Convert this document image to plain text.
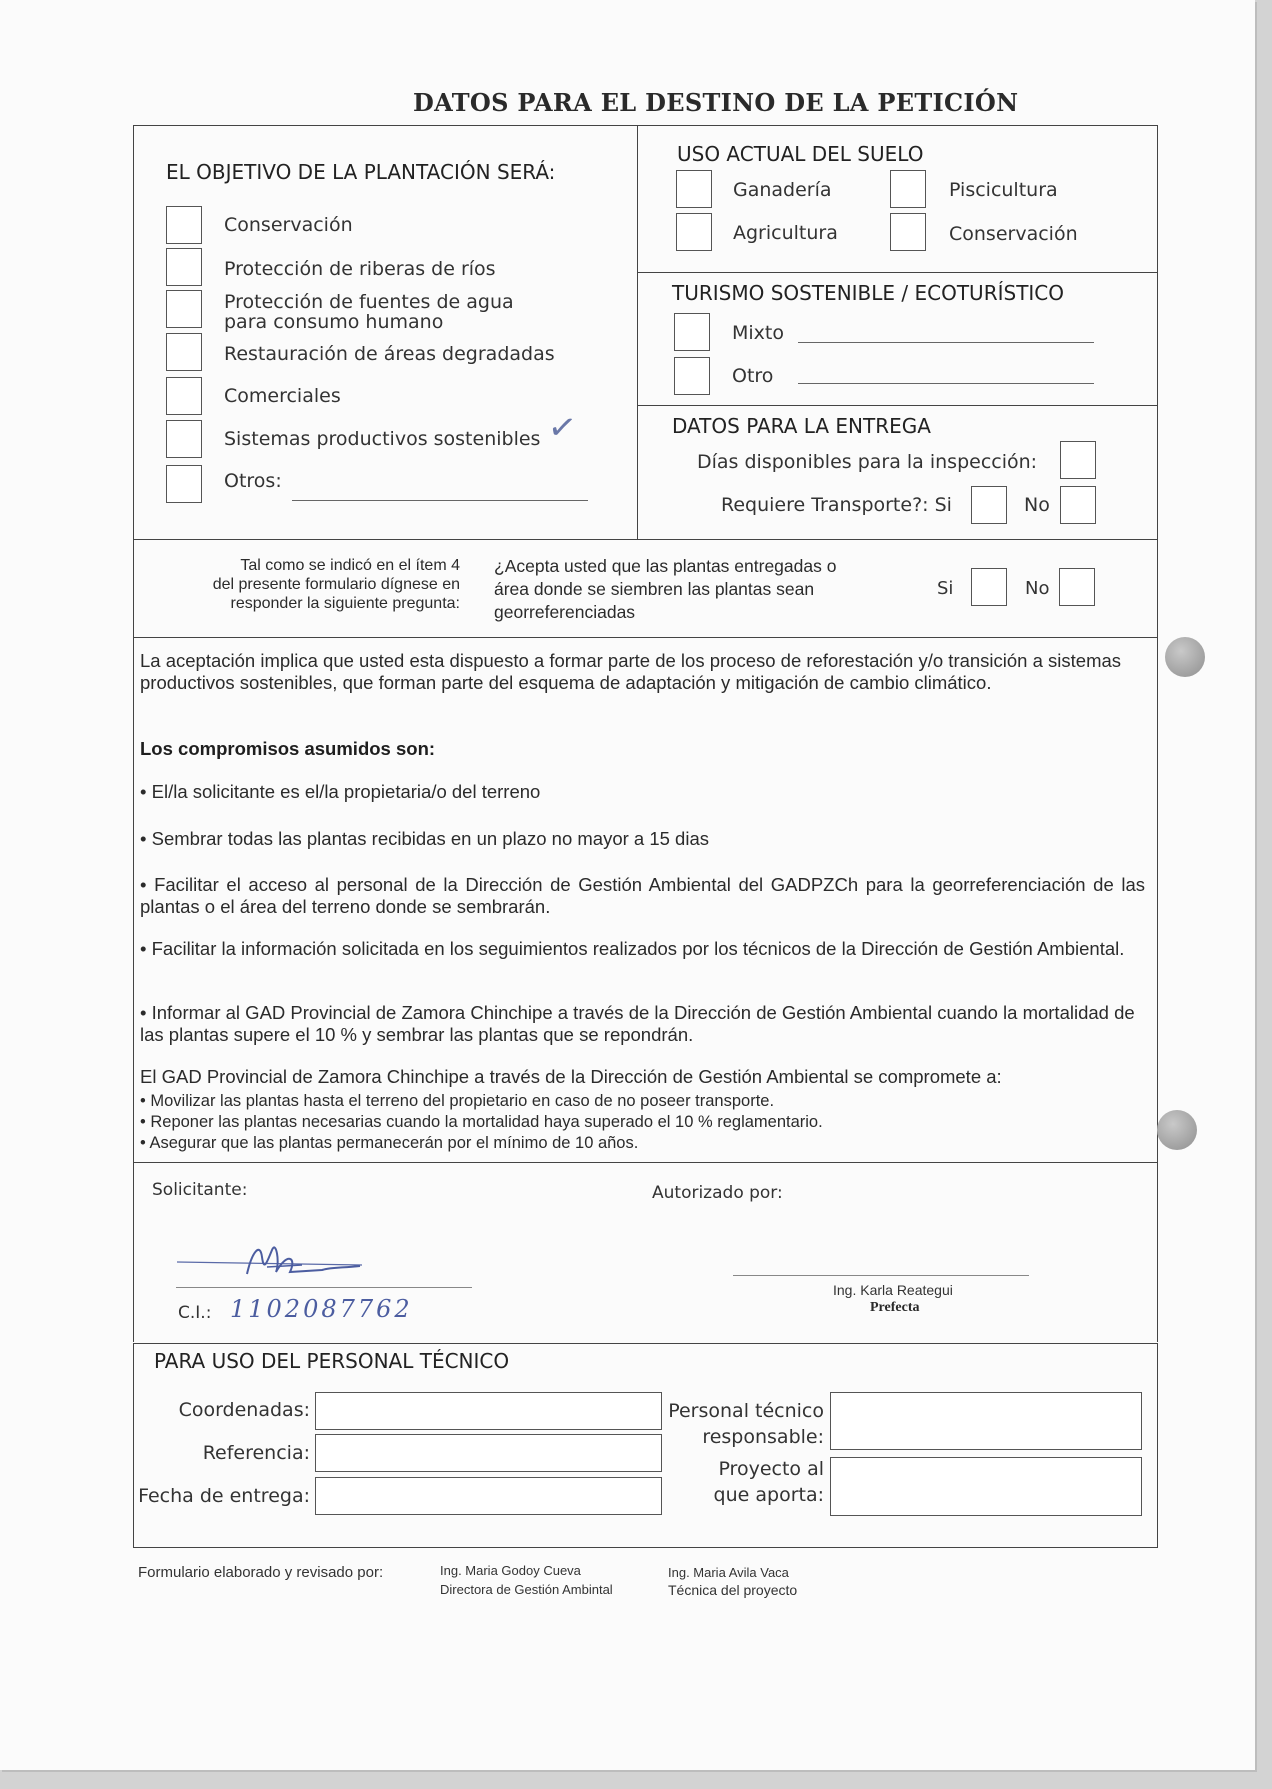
DATOS PARA EL DESTINO DE LA PETICIÓN
EL OBJETIVO DE LA PLANTACIÓN SERÁ:
Conservación
Protección de riberas de ríos
Protección de fuentes de agua
para consumo humano
Restauración de áreas degradadas
Comerciales
Sistemas productivos sostenibles ✓
Otros:
USO ACTUAL DEL SUELO
Ganadería	Piscicultura
Agricultura	Conservación
TURISMO SOSTENIBLE / ECOTURÍSTICO
Mixto
Otro
DATOS PARA LA ENTREGA
Días disponibles para la inspección:
Requiere Transporte?: Si	No
Tal como se indicó en el ítem 4
del presente formulario dígnese en
responder la siguiente pregunta:
¿Acepta usted que las plantas entregadas o
área donde se siembren las plantas sean
georreferenciadas
Si	No
La aceptación implica que usted esta dispuesto a formar parte de los proceso de reforestación y/o transición a sistemas productivos sostenibles, que forman parte del esquema de adaptación y mitigación de cambio climático.
Los compromisos asumidos son:
• El/la solicitante es el/la propietaria/o del terreno
• Sembrar todas las plantas recibidas en un plazo no mayor a 15 dias
• Facilitar el acceso al personal de la Dirección de Gestión Ambiental del GADPZCh para la georreferenciación de las plantas o el área del terreno donde se sembrarán.
• Facilitar la información solicitada en los seguimientos realizados por los técnicos de la Dirección de Gestión Ambiental.
• Informar al GAD Provincial de Zamora Chinchipe a través de la Dirección de Gestión Ambiental cuando la mortalidad de las plantas supere el 10 % y sembrar las plantas que se repondrán.
El GAD Provincial de Zamora Chinchipe a través de la Dirección de Gestión Ambiental se compromete a:
• Movilizar las plantas hasta el terreno del propietario en caso de no poseer transporte.
• Reponer las plantas necesarias cuando la mortalidad haya superado el 10 % reglamentario.
• Asegurar que las plantas permanecerán por el mínimo de 10 años.
Solicitante:	Autorizado por:
C.I.: 1102087762
Ing. Karla Reategui
Prefecta
PARA USO DEL PERSONAL TÉCNICO
Coordenadas:
Referencia:
Fecha de entrega:
Personal técnico
responsable:
Proyecto al
que aporta:
Formulario elaborado y revisado por:	Ing. Maria Godoy Cueva
Directora de Gestión Ambintal
Ing. Maria Avila Vaca
Técnica del proyecto
